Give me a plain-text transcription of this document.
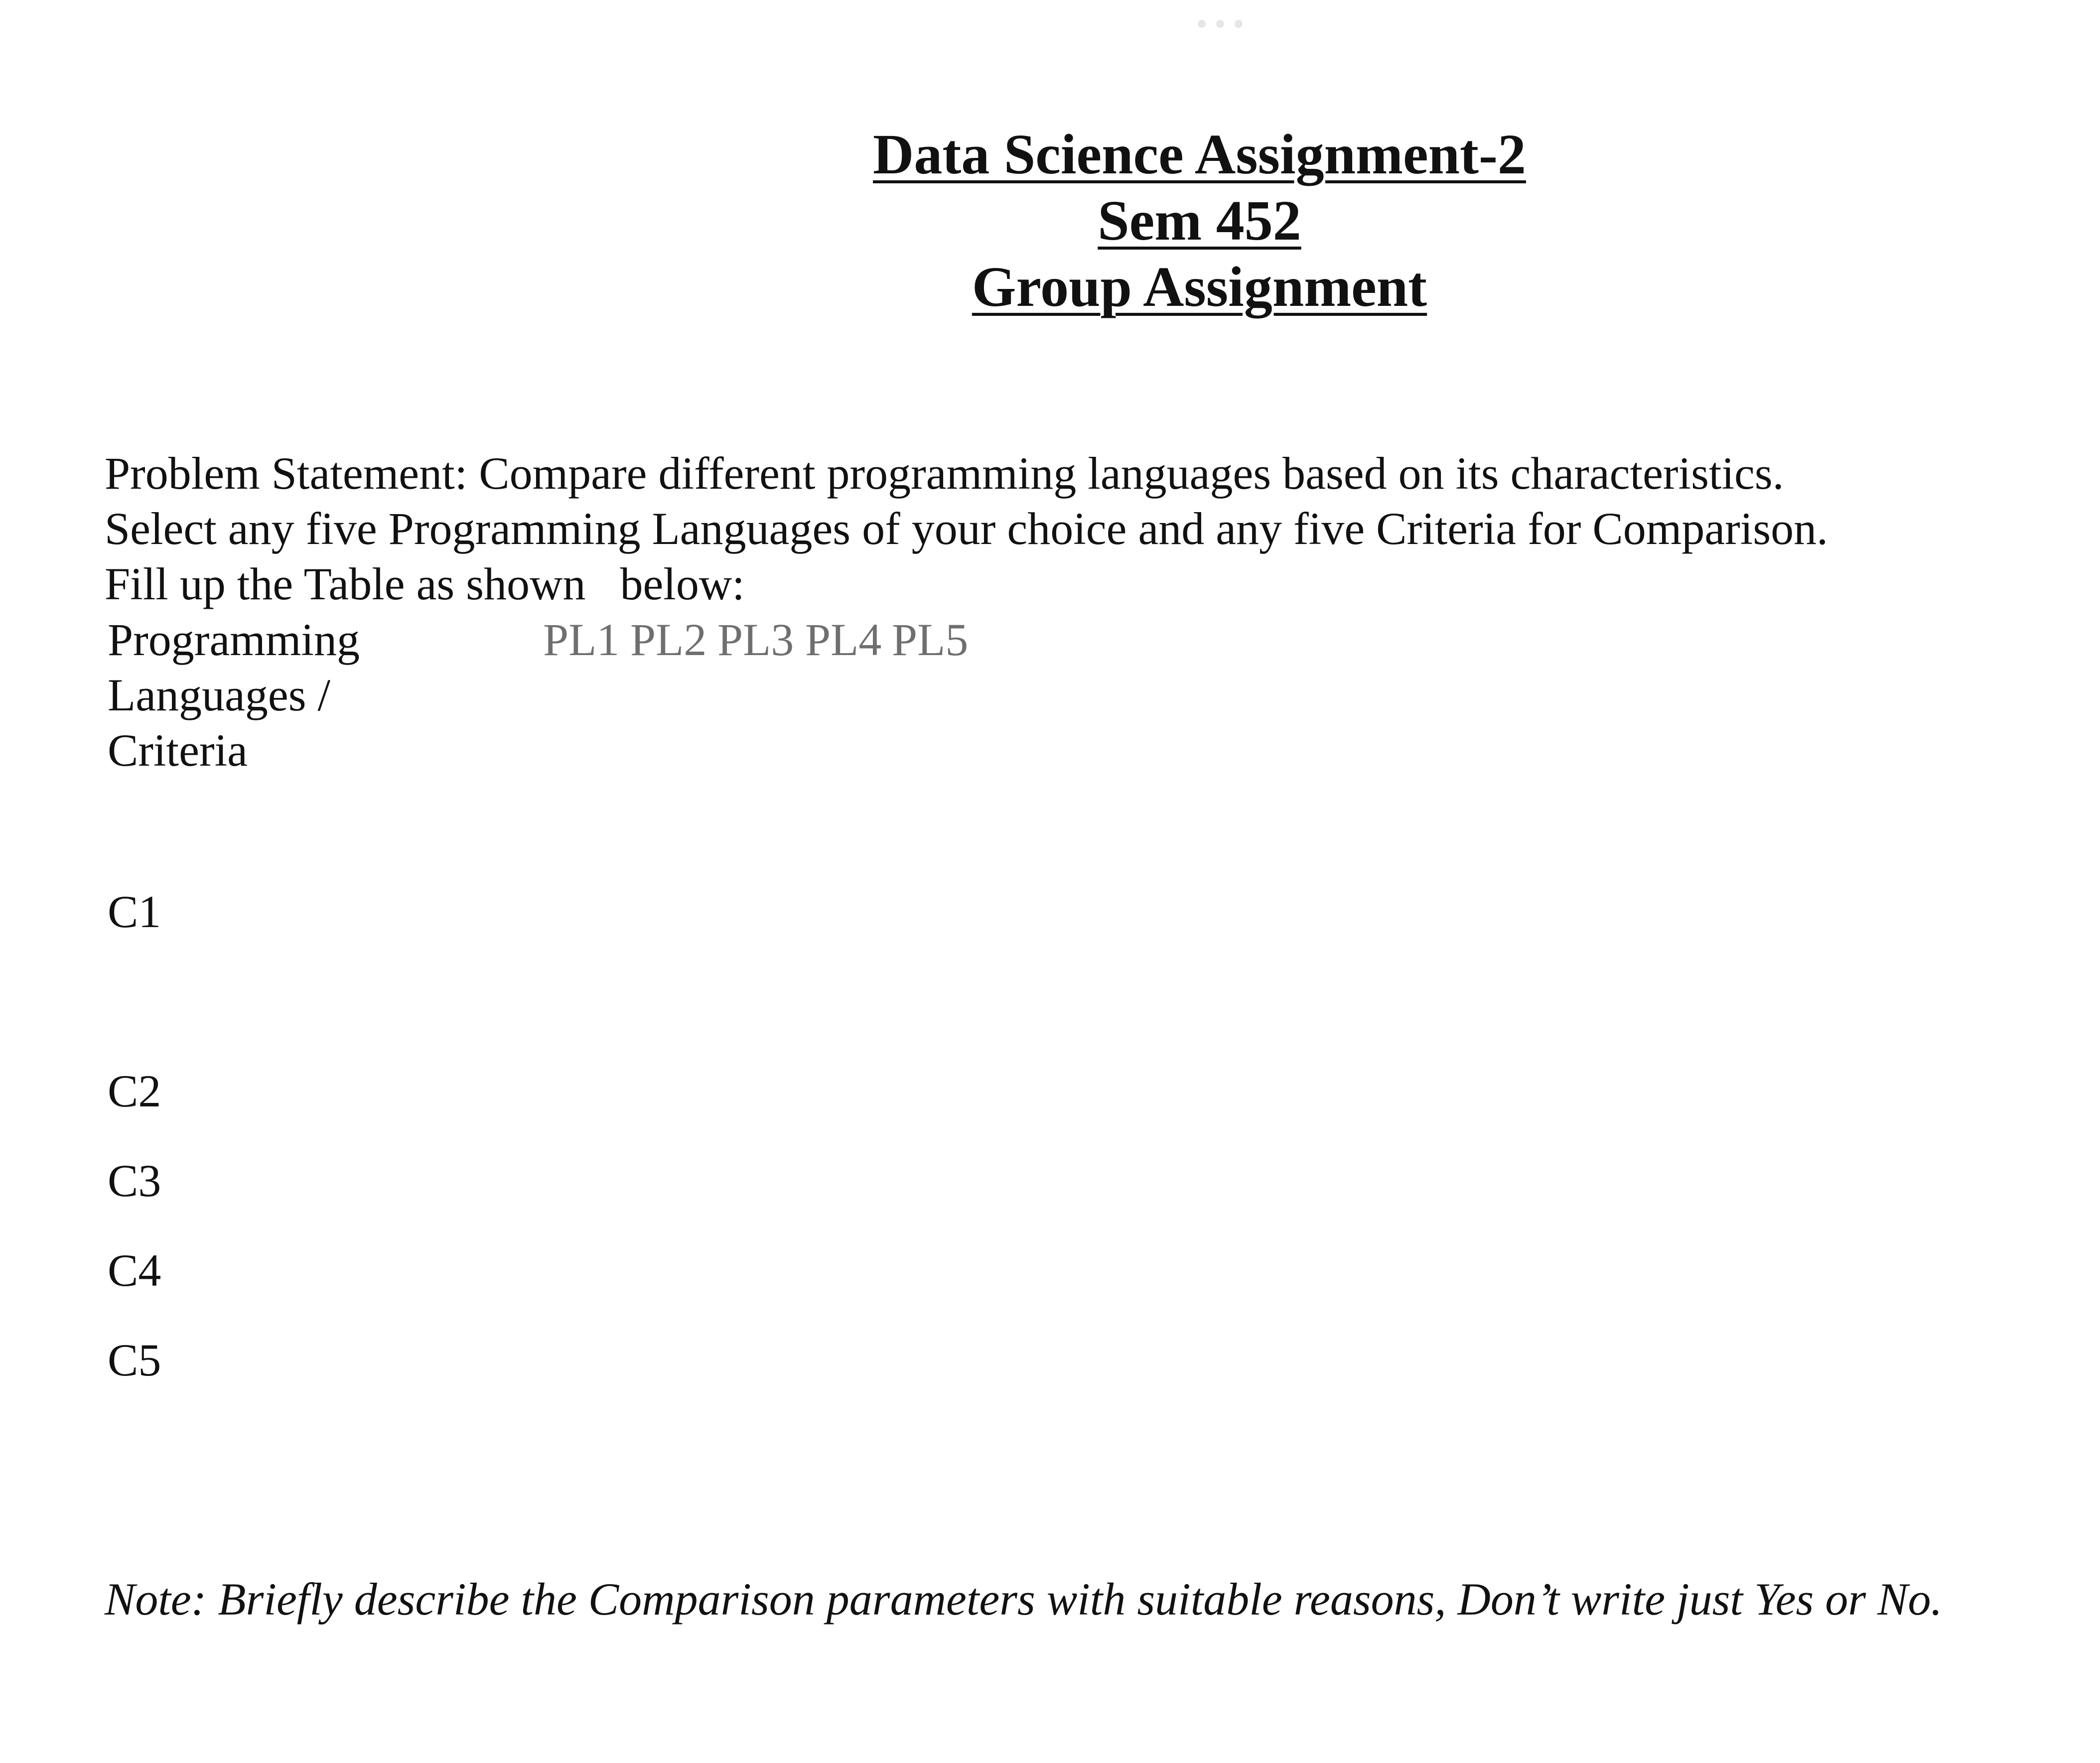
Data Science Assignment-2
Sem 452
Group Assignment
Problem Statement: Compare different programming languages based on its characteristics.
Select any five Programming Languages of your choice and any five Criteria for Comparison.
Fill up the Table as shown   below:
Programming
Languages /
Criteria
PL1 PL2 PL3 PL4 PL5
C1
C2
C3
C4
C5
Note: Briefly describe the Comparison parameters with suitable reasons, Don’t write just Yes or No.
